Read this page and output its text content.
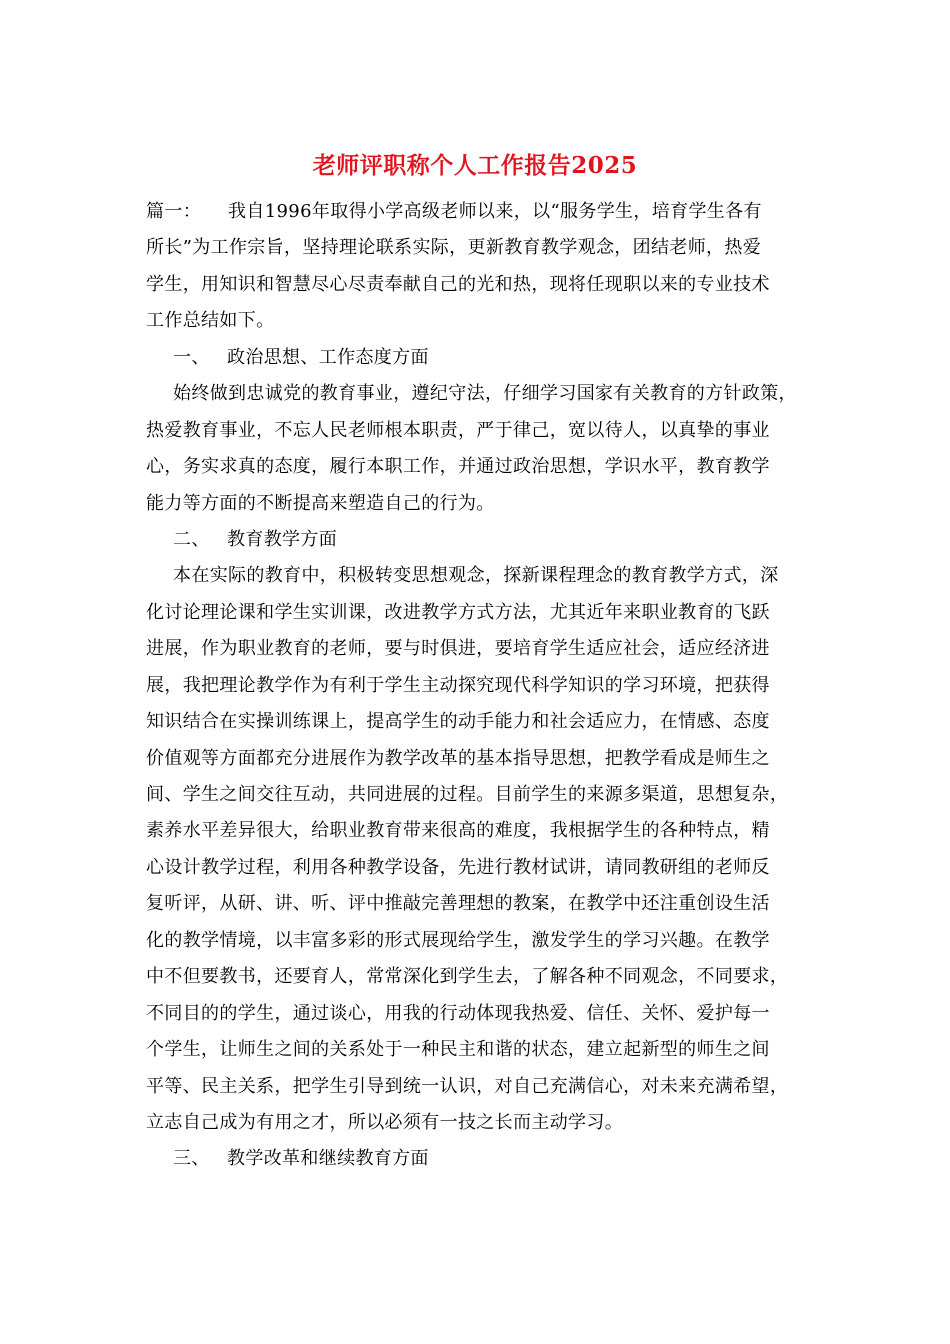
老师评职称个人工作报告2025
篇一： 我自1996年取得小学高级老师以来，以“服务学生，培育学生各有
所长”为工作宗旨，坚持理论联系实际，更新教育教学观念，团结老师，热爱
学生，用知识和智慧尽心尽责奉献自己的光和热，现将任现职以来的专业技术
工作总结如下。
一、 政治思想、工作态度方面
始终做到忠诚党的教育事业，遵纪守法，仔细学习国家有关教育的方针政策，
热爱教育事业，不忘人民老师根本职责，严于律己，宽以待人，以真挚的事业
心，务实求真的态度，履行本职工作，并通过政治思想，学识水平，教育教学
能力等方面的不断提高来塑造自己的行为。
二、 教育教学方面
本在实际的教育中，积极转变思想观念，探新课程理念的教育教学方式，深
化讨论理论课和学生实训课，改进教学方式方法，尤其近年来职业教育的飞跃
进展，作为职业教育的老师，要与时俱进，要培育学生适应社会，适应经济进
展，我把理论教学作为有利于学生主动探究现代科学知识的学习环境，把获得
知识结合在实操训练课上，提高学生的动手能力和社会适应力，在情感、态度
价值观等方面都充分进展作为教学改革的基本指导思想，把教学看成是师生之
间、学生之间交往互动，共同进展的过程。目前学生的来源多渠道，思想复杂，
素养水平差异很大，给职业教育带来很高的难度，我根据学生的各种特点，精
心设计教学过程，利用各种教学设备，先进行教材试讲，请同教研组的老师反
复听评，从研、讲、听、评中推敲完善理想的教案，在教学中还注重创设生活
化的教学情境，以丰富多彩的形式展现给学生，激发学生的学习兴趣。在教学
中不但要教书，还要育人，常常深化到学生去，了解各种不同观念，不同要求，
不同目的的学生，通过谈心，用我的行动体现我热爱、信任、关怀、爱护每一
个学生，让师生之间的关系处于一种民主和谐的状态，建立起新型的师生之间
平等、民主关系，把学生引导到统一认识，对自己充满信心，对未来充满希望，
立志自己成为有用之才，所以必须有一技之长而主动学习。
三、 教学改革和继续教育方面
